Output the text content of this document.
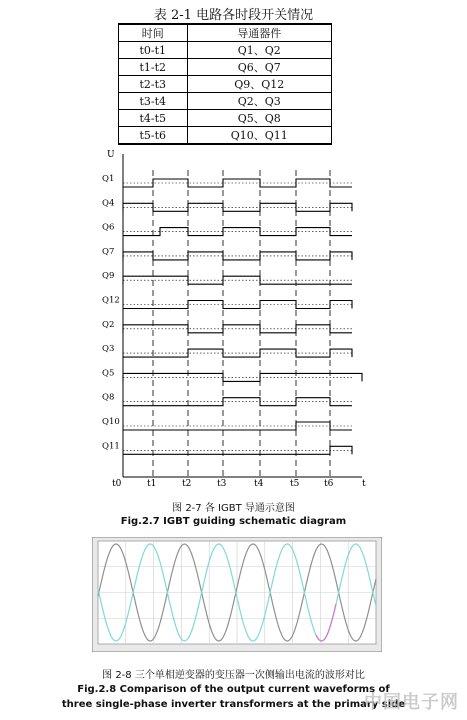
表 2-1 电路各时段开关情况
时间	导通器件
t0-t1	Q1、Q2
t1-t2	Q6、Q7
t2-t3	Q9、Q12
t3-t4	Q2、Q3
t4-t5	Q5、Q8
t5-t6	Q10、Q11
U
t
Q1
Q4
Q6
Q7
Q9
Q12
Q2
Q3
Q5
Q8
Q10
Q11
t0	t1	t2	t3	t4	t5	t6
图 2-7 各 IGBT 导通示意图
Fig.2.7 IGBT guiding schematic diagram
图 2-8 三个单相逆变器的变压器一次侧输出电流的波形对比
Fig.2.8 Comparison of the output current waveforms of
three single-phase inverter transformers at the primary side
中国电子网
